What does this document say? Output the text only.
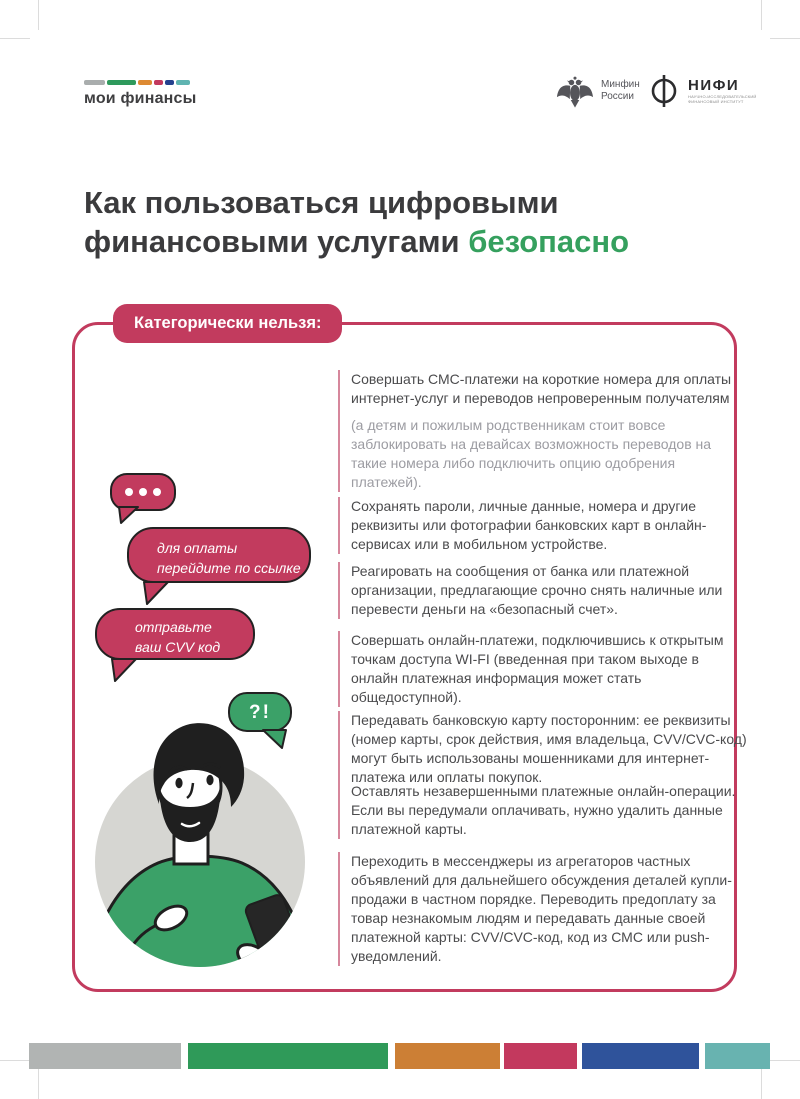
мои финансы
Минфин
России
НИФИ
НАУЧНО-ИССЛЕДОВАТЕЛЬСКИЙ
ФИНАНСОВЫЙ ИНСТИТУТ
Как пользоваться цифровыми финансовыми услугами безопасно
Категорически нельзя:
Совершать СМС-платежи на короткие номера для оплаты интернет-услуг и переводов непроверенным получателям
(а детям и пожилым родственникам стоит вовсе заблокировать на девайсах возможность переводов на такие номера либо подключить опцию одобрения платежей).
Сохранять пароли, личные данные, номера и другие реквизиты или фотографии банковских карт в онлайн-сервисах или в мобильном устройстве.
Реагировать на сообщения от банка или платежной организации, предлагающие срочно снять наличные или перевести деньги на «безопасный счет».
Совершать онлайн-платежи, подключившись к открытым точкам доступа WI-FI (введенная при таком выходе в онлайн платежная информация может стать общедоступной).
Передавать банковскую карту посторонним: ее реквизиты (номер карты, срок действия, имя владельца, CVV/CVC-код) могут быть использованы мошенниками для интернет-платежа или оплаты покупок.
Оставлять незавершенными платежные онлайн-операции. Если вы передумали оплачивать, нужно удалить данные платежной карты.
Переходить в мессенджеры из агрегаторов частных объявлений для дальнейшего обсуждения деталей купли-продажи в частном порядке. Переводить предоплату за товар незнакомым людям и передавать данные своей платежной карты: CVV/CVC-код, код из СМС или push-уведомлений.
для оплаты
перейдите по ссылке
отправьте
ваш CVV код
?!
